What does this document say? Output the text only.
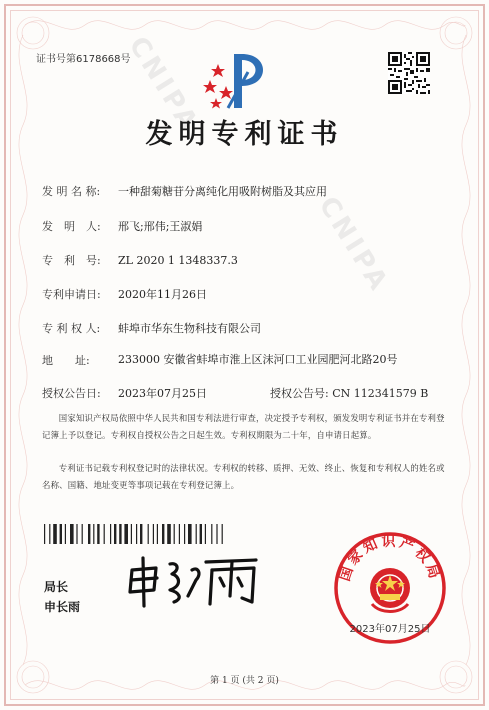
CNIPA
CNIPA
证书号第6178668号
发明专利证书
发 明 名 称: 一种甜菊糖苷分离纯化用吸附树脂及其应用
发　明　人: 邢飞;邢伟;王淑娟
专　利　号: ZL 2020 1 1348337.3
专利申请日: 2020年11月26日
专 利 权 人: 蚌埠市华东生物科技有限公司
地　　址:	233000 安徽省蚌埠市淮上区沫河口工业园肥河北路20号
授权公告日: 2023年07月25日	授权公告号: CN 112341579 B
国家知识产权局依照中华人民共和国专利法进行审查，决定授予专利权，颁发发明专利证书并在专利登记簿上予以登记。专利权自授权公告之日起生效。专利权期限为二十年，自申请日起算。
专利证书记载专利权登记时的法律状况。专利权的转移、质押、无效、终止、恢复和专利权人的姓名或名称、国籍、地址变更等事项记载在专利登记簿上。
局长
申长雨
国家知识产权局
2023年07月25日
第 1 页 (共 2 页)
